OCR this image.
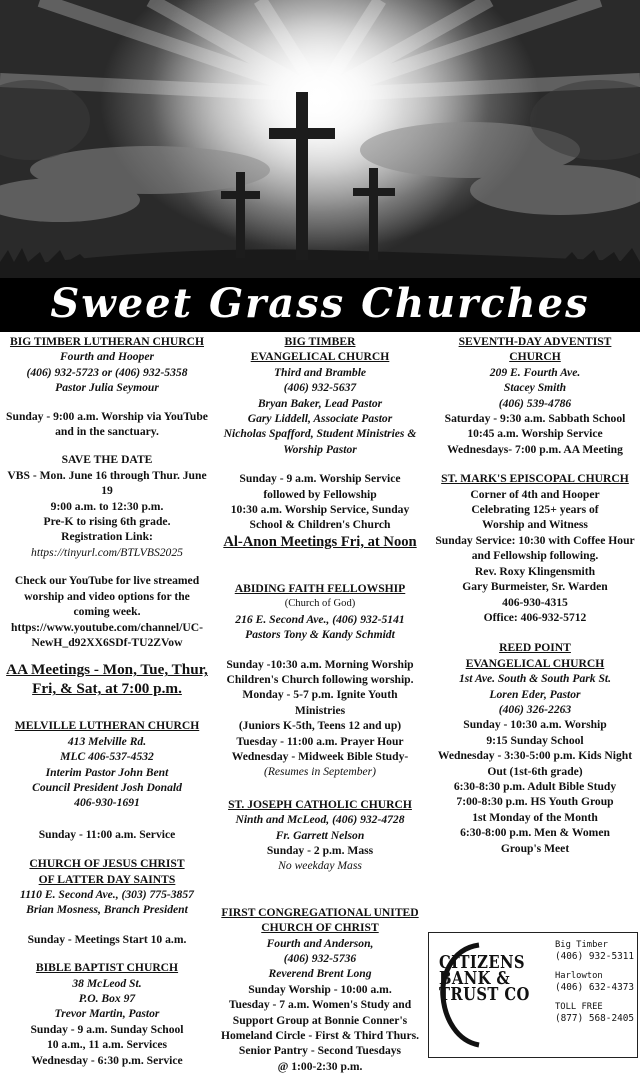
Sweet Grass Churches
BIG TIMBER LUTHERAN CHURCH
Fourth and Hooper
(406) 932-5723 or (406) 932-5358
Pastor Julia Seymour
Sunday - 9:00 a.m. Worship via YouTube
and in the sanctuary.
SAVE THE DATE
VBS - Mon. June 16 through Thur. June 19
9:00 a.m. to 12:30 p.m.
Pre-K to rising 6th grade.
Registration Link:
https://tinyurl.com/BTLVBS2025
Check our YouTube for live streamed
worship and video options for the
coming week.
https://www.youtube.com/channel/UC-
NewH_d92XX6SDf-TU2ZVow
AA Meetings - Mon, Tue, Thur,
Fri, & Sat, at 7:00 p.m.
MELVILLE LUTHERAN CHURCH
413 Melville Rd.
MLC 406-537-4532
Interim Pastor John Bent
Council President Josh Donald
406-930-1691
Sunday - 11:00 a.m. Service
CHURCH OF JESUS CHRIST
OF LATTER DAY SAINTS
1110 E. Second Ave., (303) 775-3857
Brian Mosness, Branch President
Sunday - Meetings Start 10 a.m.
BIBLE BAPTIST CHURCH
38 McLeod St.
P.O. Box 97
Trevor Martin, Pastor
Sunday - 9 a.m. Sunday School
10 a.m., 11 a.m. Services
Wednesday - 6:30 p.m. Service
BIG TIMBER
EVANGELICAL CHURCH
Third and Bramble
(406) 932-5637
Bryan Baker, Lead Pastor
Gary Liddell, Associate Pastor
Nicholas Spafford, Student Ministries &
Worship Pastor
Sunday - 9 a.m. Worship Service
followed by Fellowship
10:30 a.m. Worship Service, Sunday
School & Children's Church
Al-Anon Meetings Fri, at Noon
ABIDING FAITH FELLOWSHIP
(Church of God)
216 E. Second Ave., (406) 932-5141
Pastors Tony & Kandy Schmidt
Sunday -10:30 a.m. Morning Worship
Children's Church following worship.
Monday - 5-7 p.m. Ignite Youth Ministries
(Juniors K-5th, Teens 12 and up)
Tuesday - 11:00 a.m. Prayer Hour
Wednesday - Midweek Bible Study-
(Resumes in September)
ST. JOSEPH CATHOLIC CHURCH
Ninth and McLeod, (406) 932-4728
Fr. Garrett Nelson
Sunday - 2 p.m. Mass
No weekday Mass
FIRST CONGREGATIONAL UNITED
CHURCH OF CHRIST
Fourth and Anderson,
(406) 932-5736
Reverend Brent Long
Sunday Worship - 10:00 a.m.
Tuesday - 7 a.m. Women's Study and
Support Group at Bonnie Conner's
Homeland Circle - First & Third Thurs.
Senior Pantry - Second Tuesdays
@ 1:00-2:30 p.m.
SEVENTH-DAY ADVENTIST
CHURCH
209 E. Fourth Ave.
Stacey Smith
(406) 539-4786
Saturday - 9:30 a.m. Sabbath School
10:45 a.m. Worship Service
Wednesdays- 7:00 p.m. AA Meeting
ST. MARK'S EPISCOPAL CHURCH
Corner of 4th and Hooper
Celebrating 125+ years of
Worship and Witness
Sunday Service: 10:30 with Coffee Hour
and Fellowship following.
Rev. Roxy Klingensmith
Gary Burmeister, Sr. Warden
406-930-4315
Office: 406-932-5712
REED POINT
EVANGELICAL CHURCH
1st Ave. South & South Park St.
Loren Eder, Pastor
(406) 326-2263
Sunday - 10:30 a.m. Worship
9:15 Sunday School
Wednesday - 3:30-5:00 p.m. Kids Night
Out (1st-6th grade)
6:30-8:30 p.m. Adult Bible Study
7:00-8:30 p.m. HS Youth Group
1st Monday of the Month
6:30-8:00 p.m. Men & Women
Group's Meet
CITIZENS
BANK &
TRUST CO
Big Timber
(406) 932-5311
Harlowton
(406) 632-4373
TOLL FREE
(877) 568-2405
